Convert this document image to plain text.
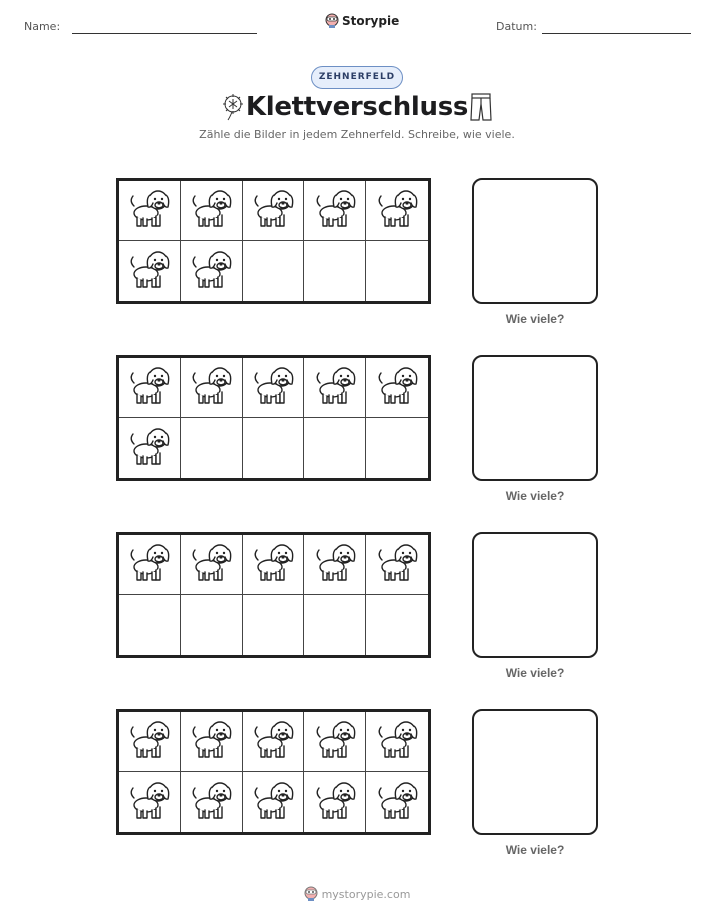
Name:	Storypie	Datum:
ZEHNERFELD
Klettverschluss
Zähle die Bilder in jedem Zehnerfeld. Schreibe, wie viele.
Wie viele?
Wie viele?
Wie viele?
Wie viele?
mystorypie.com
